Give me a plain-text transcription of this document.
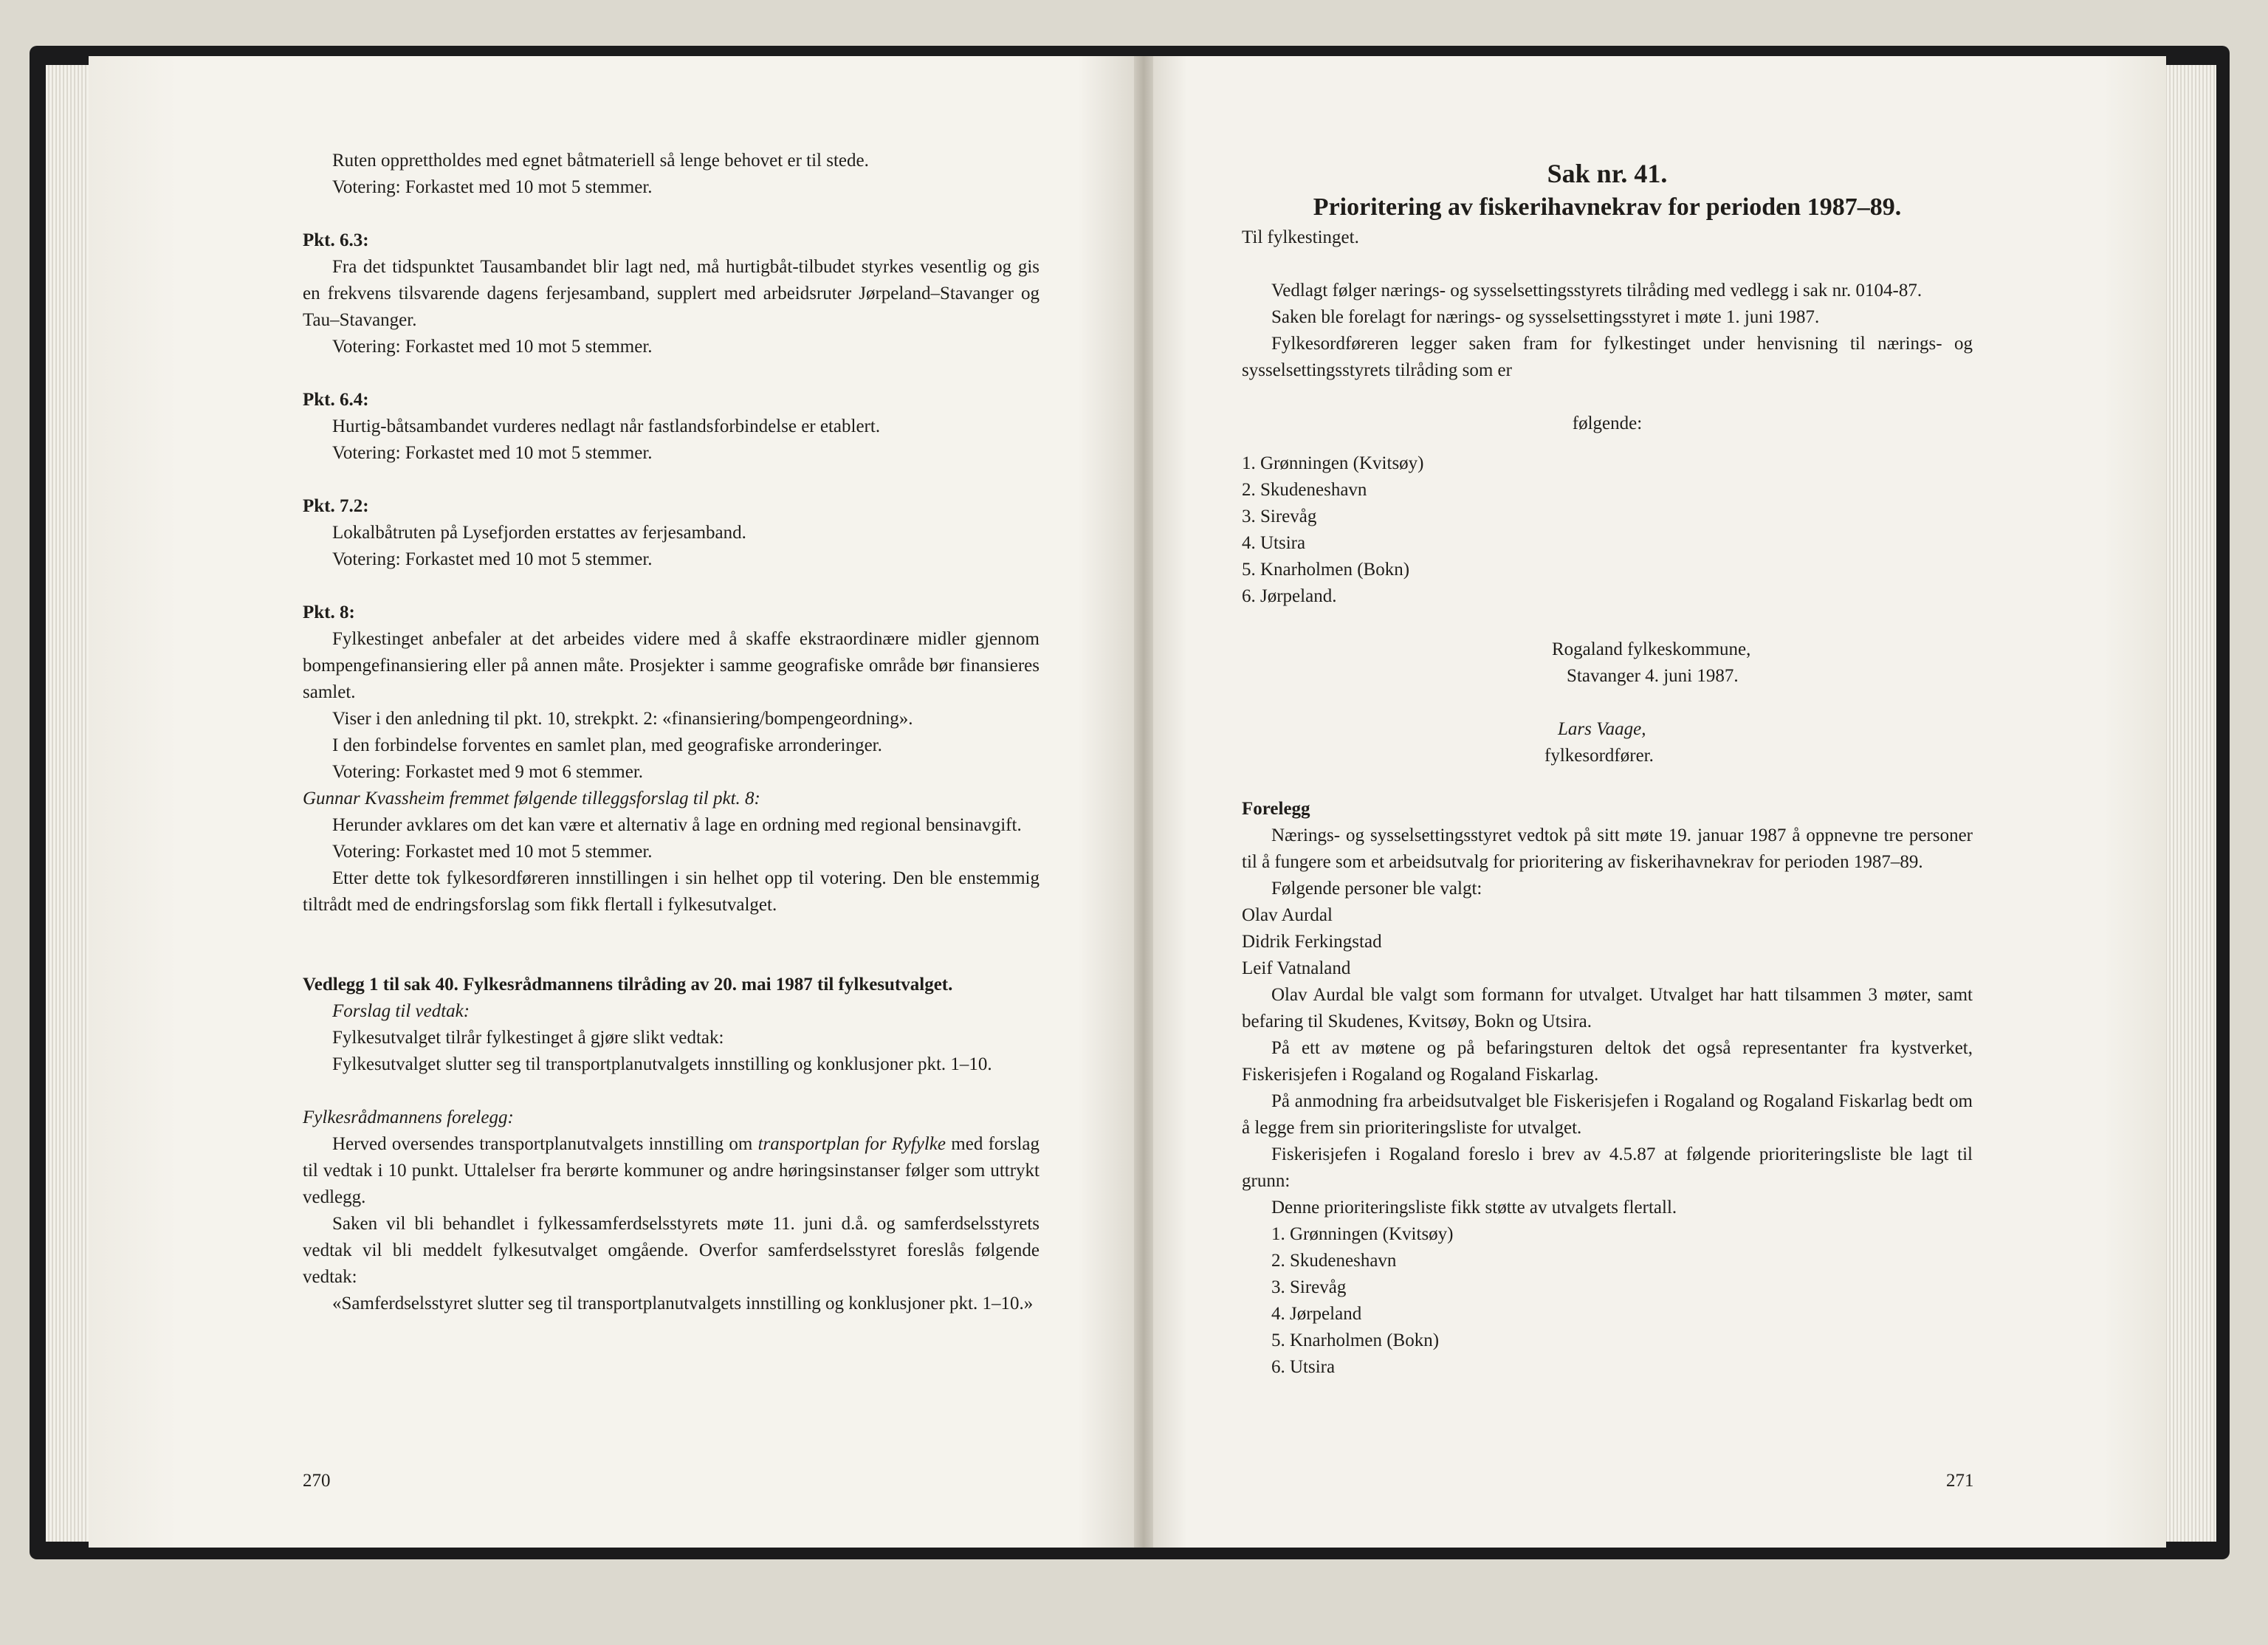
Ruten opprettholdes med egnet båtmateriell så lenge behovet er til stede.

Votering: Forkastet med 10 mot 5 stemmer.

Pkt. 6.3:

Fra det tidspunktet Tausambandet blir lagt ned, må hurtigbåt-tilbudet styrkes vesentlig og gis en frekvens tilsvarende dagens ferjesamband, supplert med arbeidsruter Jørpeland–Stavanger og Tau–Stavanger.

Votering: Forkastet med 10 mot 5 stemmer.

Pkt. 6.4:

Hurtig-båtsambandet vurderes nedlagt når fastlandsforbindelse er etablert.

Votering: Forkastet med 10 mot 5 stemmer.

Pkt. 7.2:

Lokalbåtruten på Lysefjorden erstattes av ferjesamband.

Votering: Forkastet med 10 mot 5 stemmer.

Pkt. 8:

Fylkestinget anbefaler at det arbeides videre med å skaffe ekstraordinære midler gjennom bompengefinansiering eller på annen måte. Prosjekter i samme geografiske område bør finansieres samlet.

Viser i den anledning til pkt. 10, strekpkt. 2: «finansiering/bompengeordning».

I den forbindelse forventes en samlet plan, med geografiske arronderinger.

Votering: Forkastet med 9 mot 6 stemmer.

Gunnar Kvassheim fremmet følgende tilleggsforslag til pkt. 8:

Herunder avklares om det kan være et alternativ å lage en ordning med regional bensinavgift.

Votering: Forkastet med 10 mot 5 stemmer.

Etter dette tok fylkesordføreren innstillingen i sin helhet opp til votering. Den ble enstemmig tiltrådt med de endringsforslag som fikk flertall i fylkesutvalget.

Vedlegg 1 til sak 40. Fylkesrådmannens tilråding av 20. mai 1987 til fylkesutvalget.

Forslag til vedtak:

Fylkesutvalget tilrår fylkestinget å gjøre slikt vedtak:

Fylkesutvalget slutter seg til transportplanutvalgets innstilling og konklusjoner pkt. 1–10.

Fylkesrådmannens forelegg:

Herved oversendes transportplanutvalgets innstilling om transportplan for Ryfylke med forslag til vedtak i 10 punkt. Uttalelser fra berørte kommuner og andre høringsinstanser følger som uttrykt vedlegg.

Saken vil bli behandlet i fylkessamferdselsstyrets møte 11. juni d.å. og samferdselsstyrets vedtak vil bli meddelt fylkesutvalget omgående. Overfor samferdselsstyret foreslås følgende vedtak:

«Samferdselsstyret slutter seg til transportplanutvalgets innstilling og konklusjoner pkt. 1–10.»

270

Sak nr. 41.

Prioritering av fiskerihavnekrav for perioden 1987–89.

Til fylkestinget.

Vedlagt følger nærings- og sysselsettingsstyrets tilråding med vedlegg i sak nr. 0104-87.

Saken ble forelagt for nærings- og sysselsettingsstyret i møte 1. juni 1987.

Fylkesordføreren legger saken fram for fylkestinget under henvisning til nærings- og sysselsettingsstyrets tilråding som er

følgende:

1. Grønningen (Kvitsøy)
2. Skudeneshavn
3. Sirevåg
4. Utsira
5. Knarholmen (Bokn)
6. Jørpeland.

Rogaland fylkeskommune,

Stavanger 4. juni 1987.

Lars Vaage,

fylkesordfører.

Forelegg

Nærings- og sysselsettingsstyret vedtok på sitt møte 19. januar 1987 å oppnevne tre personer til å fungere som et arbeidsutvalg for prioritering av fiskerihavnekrav for perioden 1987–89.

Følgende personer ble valgt:

Olav Aurdal

Didrik Ferkingstad

Leif Vatnaland

Olav Aurdal ble valgt som formann for utvalget. Utvalget har hatt tilsammen 3 møter, samt befaring til Skudenes, Kvitsøy, Bokn og Utsira.

På ett av møtene og på befaringsturen deltok det også representanter fra kystverket, Fiskerisjefen i Rogaland og Rogaland Fiskarlag.

På anmodning fra arbeidsutvalget ble Fiskerisjefen i Rogaland og Rogaland Fiskarlag bedt om å legge frem sin prioriteringsliste for utvalget.

Fiskerisjefen i Rogaland foreslo i brev av 4.5.87 at følgende prioriteringsliste ble lagt til grunn:

Denne prioriteringsliste fikk støtte av utvalgets flertall.

1. Grønningen (Kvitsøy)
2. Skudeneshavn
3. Sirevåg
4. Jørpeland
5. Knarholmen (Bokn)
6. Utsira
271
